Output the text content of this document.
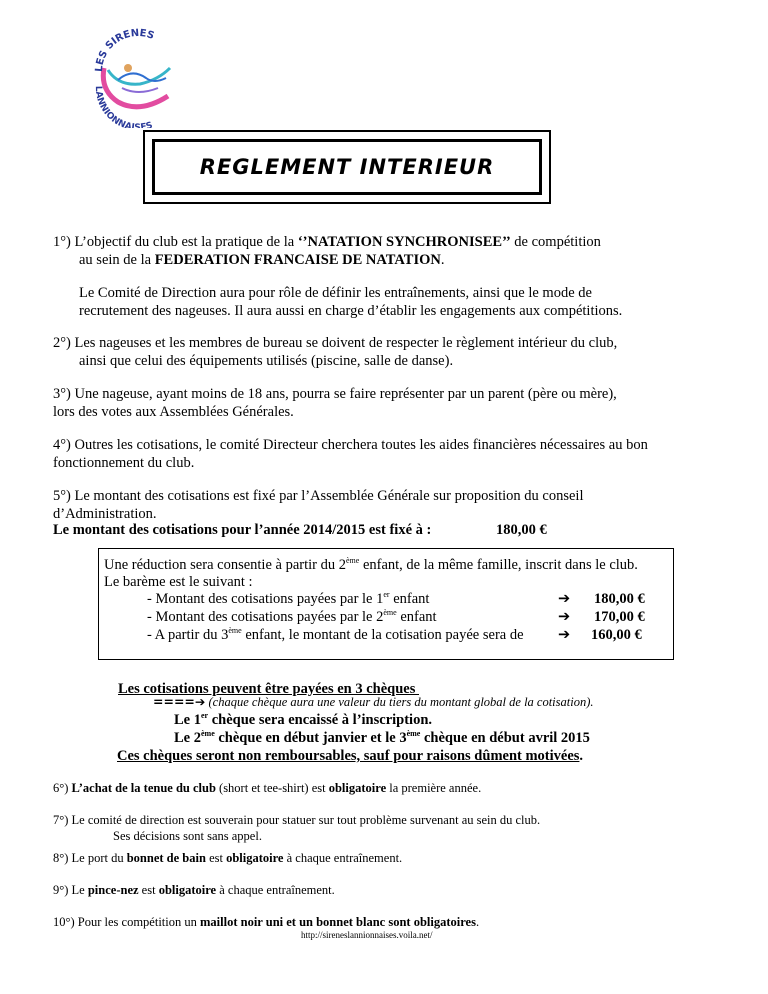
LES SIRENES
LANNIONNAI ES
REGLEMENT INTERIEUR
1°) L’objectif du club est la pratique de la ‘’NATATION SYNCHRONISEE’’ de compétition
au sein de la FEDERATION FRANCAISE DE NATATION.
Le Comité de Direction aura pour rôle de définir les entraînements, ainsi que le mode de
recrutement des nageuses. Il aura aussi en charge d’établir les engagements aux compétitions.
2°) Les nageuses et les membres de bureau se doivent de respecter le règlement intérieur du club,
ainsi que celui des équipements utilisés (piscine, salle de danse).
3°) Une nageuse, ayant moins de 18 ans, pourra se faire représenter par un parent (père ou mère),
lors des votes aux Assemblées Générales.
4°) Outres les cotisations, le comité Directeur cherchera toutes les aides financières nécessaires au bon
fonctionnement du club.
5°) Le montant des cotisations est fixé par l’Assemblée Générale sur proposition du conseil
d’Administration.
Le montant des cotisations pour l’année 2014/2015 est fixé à :	180,00 €
Une réduction sera consentie à partir du 2ème enfant, de la même famille, inscrit dans le club.
Le barème est le suivant :
- Montant des cotisations payées par le 1er enfant	➔ 180,00 €
- Montant des cotisations payées par le 2ème enfant	➔ 170,00 €
- A partir du 3ème enfant, le montant de la cotisation payée sera de ➔ 160,00 €
Les cotisations peuvent être payées en 3 chèques
====➔ (chaque chèque aura une valeur du tiers du montant global de la cotisation).
Le 1er chèque sera encaissé à l’inscription.
Le 2ème chèque en début janvier et le 3ème chèque en début avril 2015
Ces chèques seront non remboursables, sauf pour raisons dûment motivées.
6°) L’achat de la tenue du club (short et tee-shirt) est obligatoire la première année.
7°) Le comité de direction est souverain pour statuer sur tout problème survenant au sein du club.
Ses décisions sont sans appel.
8°) Le port du bonnet de bain est obligatoire à chaque entraînement.
9°) Le pince-nez est obligatoire à chaque entraînement.
10°) Pour les compétition un maillot noir uni et un bonnet blanc sont obligatoires.
http://sireneslannionnaises.voila.net/
